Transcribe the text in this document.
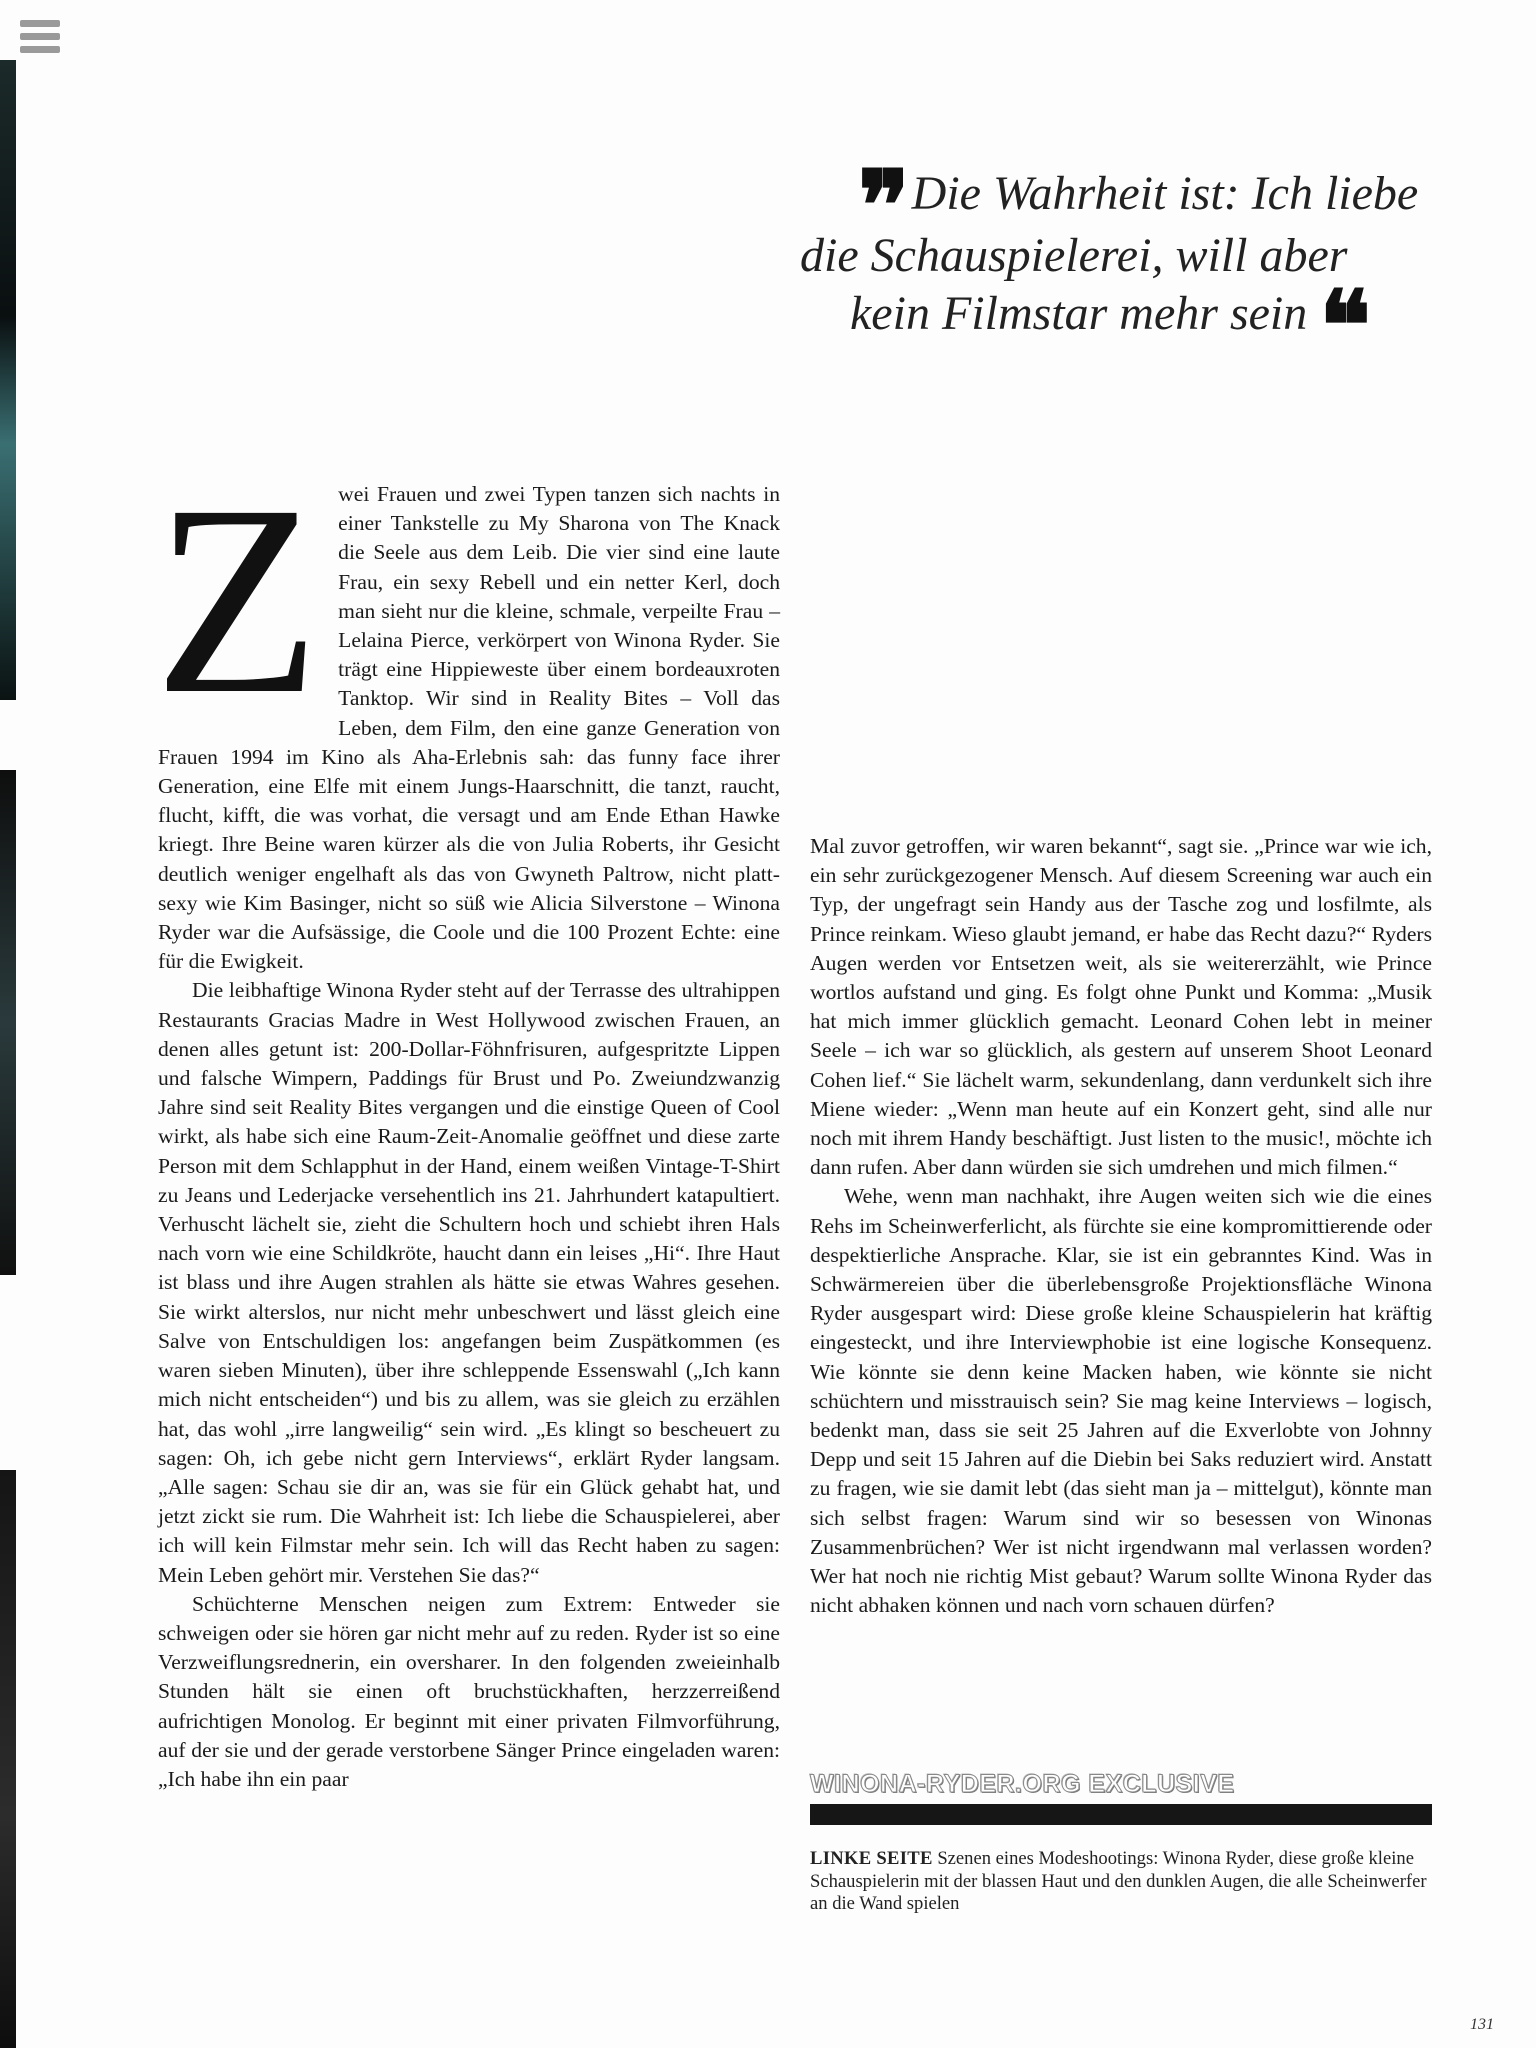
❞ Die Wahrheit ist: Ich liebe
die Schauspielerei, will aber
kein Filmstar mehr sein ❝
Z wei Frauen und zwei Typen tanzen sich nachts in einer Tankstelle zu My Sharona von The Knack die Seele aus dem Leib. Die vier sind eine laute Frau, ein sexy Rebell und ein netter Kerl, doch man sieht nur die kleine, schmale, verpeilte Frau – Lelaina Pierce, verkörpert von Winona Ryder. Sie trägt eine Hippieweste über einem bordeauxroten Tanktop. Wir sind in Reality Bites – Voll das Leben, dem Film, den eine ganze Generation von Frauen 1994 im Kino als Aha-Erlebnis sah: das funny face ihrer Generation, eine Elfe mit einem Jungs-Haarschnitt, die tanzt, raucht, flucht, kifft, die was vorhat, die versagt und am Ende Ethan Hawke kriegt. Ihre Beine waren kürzer als die von Julia Roberts, ihr Gesicht deutlich weniger engelhaft als das von Gwyneth Paltrow, nicht platt-sexy wie Kim Basinger, nicht so süß wie Alicia Silverstone – Winona Ryder war die Aufsässige, die Coole und die 100 Prozent Echte: eine für die Ewigkeit.

Die leibhaftige Winona Ryder steht auf der Terrasse des ultrahippen Restaurants Gracias Madre in West Hollywood zwischen Frauen, an denen alles getunt ist: 200-Dollar-Föhnfrisuren, aufgespritzte Lippen und falsche Wimpern, Paddings für Brust und Po. Zweiundzwanzig Jahre sind seit Reality Bites vergangen und die einstige Queen of Cool wirkt, als habe sich eine Raum-Zeit-Anomalie geöffnet und diese zarte Person mit dem Schlapphut in der Hand, einem weißen Vintage-T-Shirt zu Jeans und Lederjacke versehentlich ins 21. Jahrhundert katapultiert. Verhuscht lächelt sie, zieht die Schultern hoch und schiebt ihren Hals nach vorn wie eine Schildkröte, haucht dann ein leises „Hi“. Ihre Haut ist blass und ihre Augen strahlen als hätte sie etwas Wahres gesehen. Sie wirkt alterslos, nur nicht mehr unbeschwert und lässt gleich eine Salve von Entschuldigen los: angefangen beim Zuspätkommen (es waren sieben Minuten), über ihre schleppende Essenswahl („Ich kann mich nicht entscheiden“) und bis zu allem, was sie gleich zu erzählen hat, das wohl „irre langweilig“ sein wird. „Es klingt so bescheuert zu sagen: Oh, ich gebe nicht gern Interviews“, erklärt Ryder langsam. „Alle sagen: Schau sie dir an, was sie für ein Glück gehabt hat, und jetzt zickt sie rum. Die Wahrheit ist: Ich liebe die Schauspielerei, aber ich will kein Filmstar mehr sein. Ich will das Recht haben zu sagen: Mein Leben gehört mir. Verstehen Sie das?“

Schüchterne Menschen neigen zum Extrem: Entweder sie schweigen oder sie hören gar nicht mehr auf zu reden. Ryder ist so eine Verzweiflungsrednerin, ein oversharer. In den folgenden zweieinhalb Stunden hält sie einen oft bruchstückhaften, herzzerreißend aufrichtigen Monolog. Er beginnt mit einer privaten Filmvorführung, auf der sie und der gerade verstorbene Sänger Prince eingeladen waren: „Ich habe ihn ein paar

Mal zuvor getroffen, wir waren bekannt“, sagt sie. „Prince war wie ich, ein sehr zurückgezogener Mensch. Auf diesem Screening war auch ein Typ, der ungefragt sein Handy aus der Tasche zog und losfilmte, als Prince reinkam. Wieso glaubt jemand, er habe das Recht dazu?“ Ryders Augen werden vor Entsetzen weit, als sie weitererzählt, wie Prince wortlos aufstand und ging. Es folgt ohne Punkt und Komma: „Musik hat mich immer glücklich gemacht. Leonard Cohen lebt in meiner Seele – ich war so glücklich, als gestern auf unserem Shoot Leonard Cohen lief.“ Sie lächelt warm, sekundenlang, dann verdunkelt sich ihre Miene wieder: „Wenn man heute auf ein Konzert geht, sind alle nur noch mit ihrem Handy beschäftigt. Just listen to the music!, möchte ich dann rufen. Aber dann würden sie sich umdrehen und mich filmen.“

Wehe, wenn man nachhakt, ihre Augen weiten sich wie die eines Rehs im Scheinwerferlicht, als fürchte sie eine kompromittierende oder despektierliche Ansprache. Klar, sie ist ein gebranntes Kind. Was in Schwärmereien über die überlebensgroße Projektionsfläche Winona Ryder ausgespart wird: Diese große kleine Schauspielerin hat kräftig eingesteckt, und ihre Interviewphobie ist eine logische Konsequenz. Wie könnte sie denn keine Macken haben, wie könnte sie nicht schüchtern und misstrauisch sein? Sie mag keine Interviews – logisch, bedenkt man, dass sie seit 25 Jahren auf die Exverlobte von Johnny Depp und seit 15 Jahren auf die Diebin bei Saks reduziert wird. Anstatt zu fragen, wie sie damit lebt (das sieht man ja – mittelgut), könnte man sich selbst fragen: Warum sind wir so besessen von Winonas Zusammenbrüchen? Wer ist nicht irgendwann mal verlassen worden? Wer hat noch nie richtig Mist gebaut? Warum sollte Winona Ryder das nicht abhaken können und nach vorn schauen dürfen?

WINONA-RYDER.ORG EXCLUSIVE
LINKE SEITE Szenen eines Modeshootings: Winona Ryder, diese große kleine Schauspielerin mit der blassen Haut und den dunklen Augen, die alle Scheinwerfer an die Wand spielen
131
